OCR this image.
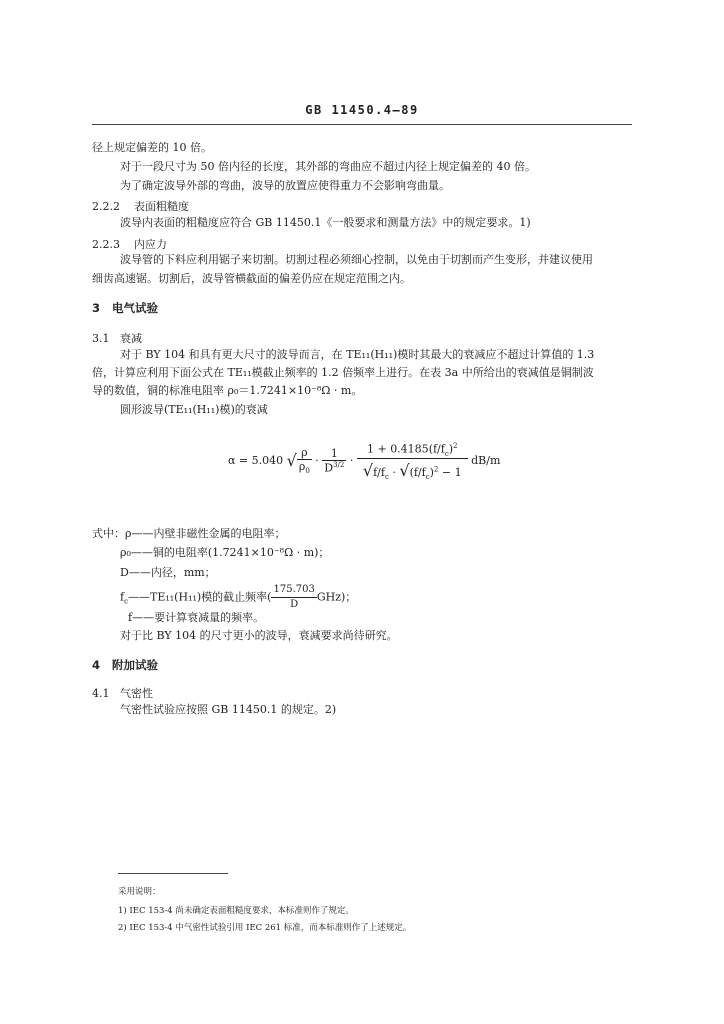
GB 11450.4—89
径上规定偏差的 10 倍。
对于一段尺寸为 50 倍内径的长度，其外部的弯曲应不超过内径上规定偏差的 40 倍。
为了确定波导外部的弯曲，波导的放置应使得重力不会影响弯曲量。
2.2.2 表面粗糙度
波导内表面的粗糙度应符合 GB 11450.1《一般要求和测量方法》中的规定要求。1)
2.2.3 内应力
波导管的下料应利用锯子来切割。切割过程必须细心控制，以免由于切割而产生变形，并建议使用
细齿高速锯。切割后，波导管横截面的偏差仍应在规定范围之内。
3 电气试验
3.1 衰减
对于 BY 104 和具有更大尺寸的波导而言，在 TE₁₁(H₁₁)模时其最大的衰减应不超过计算值的 1.3
倍，计算应利用下面公式在 TE₁₁模截止频率的 1.2 倍频率上进行。在表 3a 中所给出的衰减值是铜制波
导的数值，铜的标准电阻率 ρ₀＝1.7241×10⁻⁸Ω · m。
圆形波导(TE₁₁(H₁₁)模)的衰减
α = 5.040 √ $\frac{\rho}{\rho_0} \cdot \frac{1}{D^{3/2}} \cdot \frac{1 + 0.4185(f/f_c)^2}{√f/f_c \cdot √(f/f_c)^2 - 1} dB/m$
式中：ρ——内壁非磁性金属的电阻率；
ρ₀——铜的电阻率(1.7241×10⁻⁸Ω · m)；
D——内径，mm；
$f_c——TE_{11}(H_{11})$模的截止频率( $\frac{175.703}{D} GHz$)；
f——要计算衰减量的频率。
对于比 BY 104 的尺寸更小的波导，衰减要求尚待研究。
4 附加试验
4.1 气密性
气密性试验应按照 GB 11450.1 的规定。2)
采用说明：
1) IEC 153-4 尚未确定表面粗糙度要求，本标准则作了规定。
2) IEC 153-4 中气密性试验引用 IEC 261 标准，而本标准则作了上述规定。
